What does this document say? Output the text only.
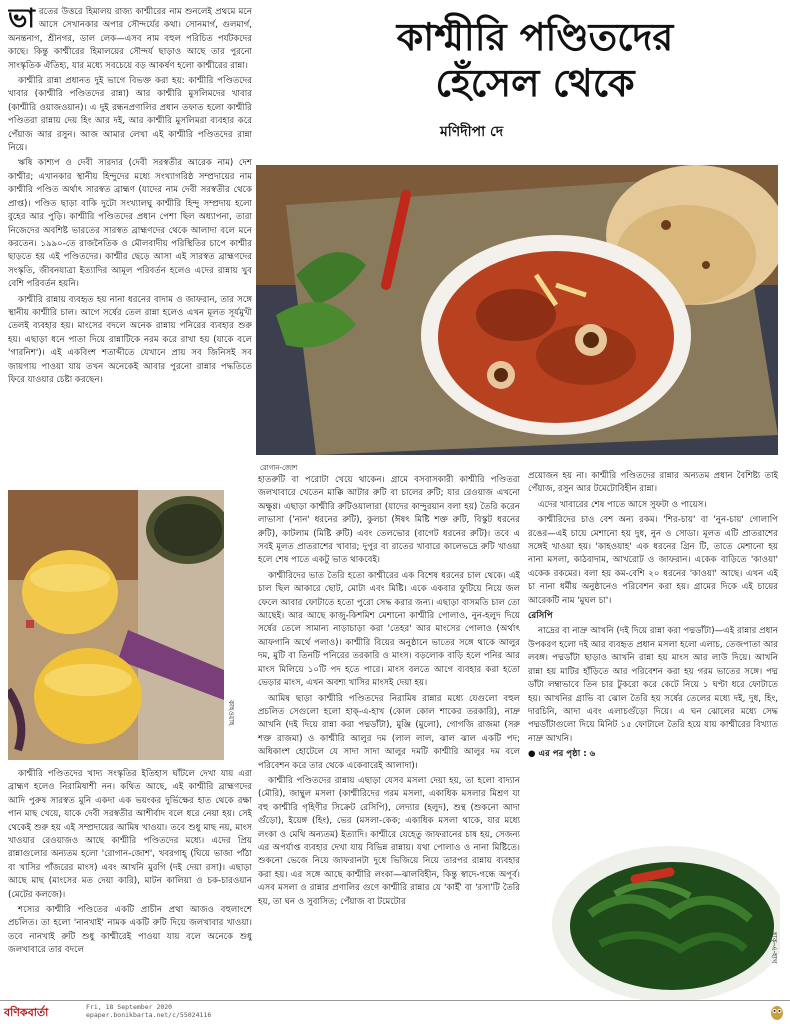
কাশ্মীরি পণ্ডিতদের
হেঁসেল থেকে
মণিদীপা দে

ভারতের উত্তরে হিমালয় রাজ্য কাশ্মীরের নাম শুনলেই প্রথমে মনে আসে সেখানকার অপার সৌন্দর্যের কথা। সোনমার্গ, গুলমার্গ, অনন্তনাগ, শ্রীনগর, ডাল লেক—এসব নাম বহুল পরিচিত পর্যটকদের কাছে। কিন্তু কাশ্মীরের হিমালয়ের সৌন্দর্য ছাড়াও আছে তার পুরনো সাংস্কৃতিক ঐতিহ্য, যার মধ্যে সবচেয়ে বড় আকর্ষণ হলো কাশ্মীরের রান্না।

কাশ্মীরি রান্না প্রধানত দুই ভাগে বিভক্ত করা হয়: কাশ্মীরি পণ্ডিতদের খাবার (কাশ্মীরি পণ্ডিতদের রান্না) আর কাশ্মীরি মুসলিমদের খাবার (কাশ্মীরি ওয়াজওয়ান)। এ দুই রন্ধনপ্রণালির প্রধান তফাত হলো কাশ্মীরি পণ্ডিতরা রান্নায় দেয় হিং আর দই, আর কাশ্মীরি মুসলিমরা ব্যবহার করে পেঁয়াজ আর রসুন। আজ আমার লেখা এই কাশ্মীরি পণ্ডিতদের রান্না নিয়ে।

ঋষি কাশ্যপ ও দেবী সারদার (দেবী সরস্বতীর আরেক নাম) দেশ কাশ্মীর; এখানকার স্থানীয় হিন্দুদের মধ্যে সংখ্যাগরিষ্ঠ সম্প্রদায়ের নাম কাশ্মীরি পণ্ডিত অর্থাৎ সারস্বত ব্রাহ্মণ (যাদের নাম দেবী সরস্বতীর থেকে প্রাপ্ত)। পণ্ডিত ছাড়া বাকি দুটো সংখ্যালঘু কাশ্মীরি হিন্দু সম্প্রদায় হলো বুহের আর পুড়ি। কাশ্মীরি পণ্ডিতদের প্রধান পেশা ছিল অধ্যাপনা, তারা নিজেদের অবশিষ্ট ভারতের সারস্বত ব্রাহ্মণদের থেকে আলাদা বলে মনে করতেন। ১৯৯০-তে রাজনৈতিক ও মৌলবাদীয় পরিস্থিতির চাপে কাশ্মীর ছাড়তে হয় এই পণ্ডিতদের। কাশ্মীর ছেড়ে আসা এই সারস্বত ব্রাহ্মণদের সংস্কৃতি, জীবনযাত্রা ইত্যাদির আমূল পরিবর্তন হলেও এদের রান্নায় খুব বেশি পরিবর্তন হয়নি।

কাশ্মীরি রান্নায় ব্যবহৃত হয় নানা ধরনের বাদাম ও জাফরান, তার সঙ্গে স্থানীয় কাশ্মীরি চাল। আগে সর্ষের তেল রান্না হলেও এখন মূলত সূর্যমুখী তেলই ব্যবহার হয়। মাংসের বদলে অনেক রান্নায় পনিরের ব্যবহার শুরু হয়। এছাড়া ধনে পাতা দিয়ে রান্নাটিকে নরম করে রাখা হয় (যাকে বলে 'গারনিশ')। এই একবিংশ শতাব্দীতে যেখানে প্রায় সব জিনিসই সব জায়গায় পাওয়া যায় তখন অনেকেই আবার পুরনো রান্নার পদ্ধতিতে ফিরে যাওয়ার চেষ্টা করছেন।

কাহওয়াহ

কাশ্মীরি পণ্ডিতদের খাদ্য সংস্কৃতির ইতিহাস ঘাঁটলে দেখা যায় এরা ব্রাহ্মণ হলেও নিরামিষাশী নন। কথিত আছে, এই কাশ্মীরি ব্রাহ্মণদের আদি পুরুষ সারস্বত মুনি একদা এক ভয়ংকর দুর্ভিক্ষের হাত থেকে রক্ষা পান মাছ খেয়ে, যাকে দেবী সরস্বতীর আশীর্বাদ বলে ধরে নেয়া হয়। সেই থেকেই শুরু হয় এই সম্প্রদায়ের আমিষ খাওয়া। তবে শুধু মাছ নয়, মাংস খাওয়ার রেওয়াজও আছে কাশ্মীরি পণ্ডিতদের মধ্যে। এদের প্রিয় রান্নাগুলোর অন্যতম হলো 'রোগান-জোশ', খবরগাহ্ (ঘিয়ে ভাজা পাঁঠা বা খাসির পাঁজরের মাংস) এবং আখনি মুরগি (দই দেয়া রসা)। এছাড়া আছে মাছ (মাংসের মত দেয়া কারি), মাটন কালিয়া ও চক-চারওয়ান (মেটের কলজে)।

শস্যের কাশ্মীরি পণ্ডিতের একটি প্রাচীন প্রথা আজও বহুলাংশে প্রচলিত। তা হলো 'নানখাই' নামক একটি রুটি দিয়ে জলখাবার খাওয়া। তবে নানখাই রুটি শুধু কাশ্মীরেই পাওয়া যায় বলে অনেকে শুধু জলখাবারে তার বদলে

রোগান-জোশ

হাতরুটি বা পরোটা খেয়ে থাকেন। গ্রামে বসবাসকারী কাশ্মীরি পণ্ডিতরা জলখাবারে খেতেন মাক্কি আটার রুটি বা চালের রুটি; যার রেওয়াজ এখনো অক্ষুণ্ণ। এছাড়া কাশ্মীরি রুটিওয়ালারা (যাদের কান্দুরয়ান বলা হয়) তৈরি করেন লাভাসা ('নান' ধরনের রুটি), কুলচা (ঈষৎ মিষ্টি শক্ত রুটি, বিস্কুট ধরনের রুটি), কাটলাম (মিষ্টি রুটি) এবং তেলভোর (বাগেট ধরনের রুটি)। তবে এ সবই মূলত প্রাতরাশের খাবার; দুপুর বা রাতের খাবারে কালেভদ্রে রুটি খাওয়া হলে শেষ পাতে একটু ভাত থাকবেই।

কাশ্মীরিদের ভাত তৈরি হতো কাশ্মীরের এক বিশেষ ধরনের চাল থেকে। এই চাল ছিল আকারে ছোট, মোটা এবং মিষ্টি। একে একবার ফুটিয়ে নিয়ে জল ফেলে আবার ফোটাতে হতো পুরো সেদ্ধ করার জন্য। এছাড়া বাসমতি চাল তো আছেই। আর আছে কাজু-কিশমিশ মেশানো কাশ্মীরি পোলাও, নুন-হলুদ দিয়ে সর্ষের তেলে সামান্য নাড়াচাড়া করা 'তেহর' আর মাংসের পোলাও (অর্থাৎ আফগানি অর্থে পলাও)। কাশ্মীরি বিয়ের অনুষ্ঠানে ভাতের সঙ্গে থাকে আলুর দম, মুটি বা তিনটি পনিরের তরকারি ও মাংস। বড়লোক বাড়ি হলে পনির আর মাংস মিলিয়ে ১০টি পদ হতে পারে। মাংস বলতে আগে ব্যবহার করা হতো ভেড়ার মাংস, এখন অবশ্য খাসির মাংসই দেয়া হয়।

আমিষ ছাড়া কাশ্মীরি পণ্ডিতদের নিরামিষ রান্নার মধ্যে যেগুলো বহুল প্রচলিত সেগুলো হলো হাক্-এ-হাখ (কোল কোল শাকের তরকারি), নাদ্রু আখনি (দই দিয়ে রান্না করা পদ্মডাঁটা), মুঞ্জি (মুলো), গোগজি রাজমা (সরু শক্ত রাজমা) ও কাশ্মীরি আলুর দম (লাল লাল, ঝাল ঝাল একটি পদ; অধিকাংশ হোটেলে যে সাদা সাদা আলুর দমটি কাশ্মীরি আলুর দম বলে পরিবেশন করে তার থেকে একেবারেই আলাদা)।

কাশ্মীরি পণ্ডিতদের রান্নায় এছাড়া যেসব মসলা দেয়া হয়, তা হলো বাদ্যান (মৌরি), জান্থুল মসলা (কাশ্মীরিদের গরম মসলা, একাধিক মসলার মিশ্রণ যা বহু কাশ্মীরি গৃহিণীর সিক্রেট রেসিপি), লেদ্যার (হলুদ), শুন্থ (শুকনো আদা গুঁড়ো), ইয়েঙ্গ (হিং), ভের (মসলা-কেক; একাধিক মসলা থাকে, যার মধ্যে লংকা ও মেথি অন্যতম) ইত্যাদি। কাশ্মীরে যেহেতু জাফরানের চাষ হয়, সেজন্য এর অপর্যাপ্ত ব্যবহার দেখা যায় বিভিন্ন রান্নায়। যথা পোলাও ও নানা মিষ্টিতে। শুকনো ভেজে নিয়ে জাফরানটা দুধে ভিজিয়ে নিয়ে তারপর রান্নায় ব্যবহার করা হয়। এর সঙ্গে আছে কাশ্মীরি লংকা—ঝালবিহীন, কিন্তু স্বাদে-গন্ধে অপূর্ব। এসব মসলা ও রান্নার প্রণালির গুণে কাশ্মীরি রান্নার যে 'কাইঁ' বা 'রসা'টি তৈরি হয়, তা ঘন ও সুবাসিত; পেঁয়াজ বা টমেটোর

প্রয়োজন হয় না। কাশ্মীরি পণ্ডিতদের রান্নার অন্যতম প্রধান বৈশিষ্ট্য তাই পেঁয়াজ, রসুন আর টমেটোবিহীন রান্না।

এদের খাবারের শেষ পাতে আসে সুফটা ও পায়েস।

কাশ্মীরিদের চাও বেশ অন্য রকম। 'শির-চায়' বা 'নুন-চায়' গোলাপি রঙের—এই চায়ে মেশানো হয় দুধ, নুন ও সোডা। মূলত এটি প্রাতরাশের সঙ্গেই খাওয়া হয়। 'কাহওয়াহ' এক ধরনের গ্রিন টি, তাতে মেশানো হয় নানা মসলা, কাঠবাদাম, আখরোট ও জাফরান। একেক বাড়িতে 'কাওয়া' একেক রকমের। বলা হয় কম-বেশি ২০ ধরনের 'কাওয়া' আছে। এখন এই চা নানা ধর্মীয় অনুষ্ঠানেও পরিবেশন করা হয়। গ্রামের দিকে এই চায়ের আরেকটি নাম 'মুঘল চা'।

রেসিপি

নাদ্রের বা নাদ্রু আখনি (দই দিয়ে রান্না করা পদ্মডাঁটা)—এই রান্নার প্রধান উপকরণ হলো দই আর ব্যবহৃত প্রধান মসলা হলো এলাচ, তেজপাতা আর লবঙ্গ। পদ্মডাঁটা ছাড়াও আখনি রান্না হয় মাংস আর লাউ দিয়ে। আখনি রান্না হয় মাটির হাঁড়িতে আর পরিবেশন করা হয় গরম ভাতের সঙ্গে। পদ্ম ডাঁটা লম্বাভাবে তিন চার টুকরো করে কেটে নিয়ে ১ ঘণ্টা ধরে ফোটাতে হয়। আখনির গ্রাভি বা ঝোল তৈরি হয় সর্ষের তেলের মধ্যে দই, দুধ, হিং, দারচিনি, আদা এবং এলাচগুঁড়ো দিয়ে। এ ঘন ঝোলের মধ্যে সেদ্ধ পদ্মডাঁটাগুলো দিয়ে মিনিট ১৫ ফোটালে তৈরি হয়ে যায় কাশ্মীরের বিখ্যাত নাদ্রু আখনি।

● এর পর পৃষ্ঠা : ৬

হাক্-এ-হাখ
বণিকবার্তা	Fri, 18 September 2020
epaper.bonikbarta.net/c/55024116
